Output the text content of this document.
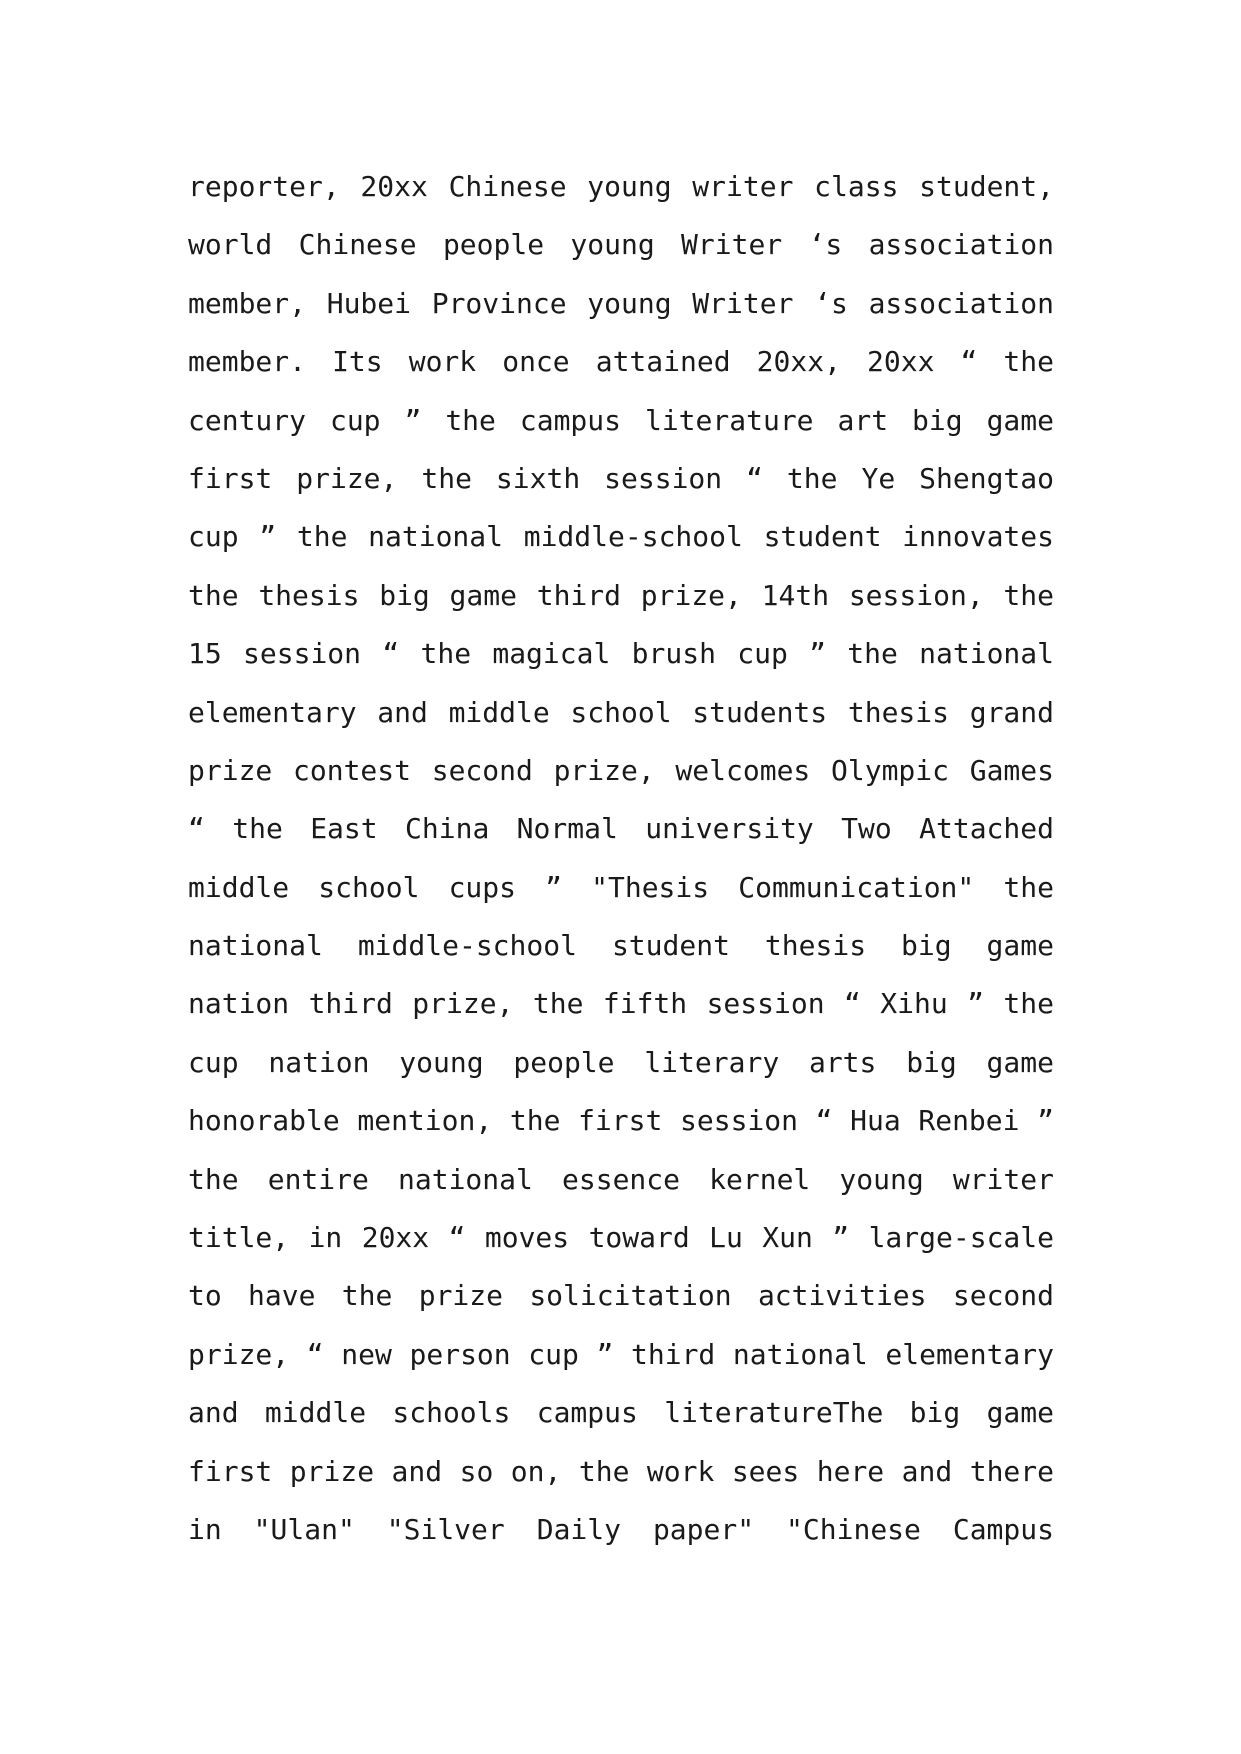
reporter, 20xx Chinese young writer class student,
world Chinese people young Writer ‘s association
member, Hubei Province young Writer ‘s association
member. Its work once attained 20xx, 20xx “ the
century cup ” the campus literature art big game
first prize, the sixth session “ the Ye Shengtao
cup ” the national middle-school student innovates
the thesis big game third prize, 14th session, the
15 session “ the magical brush cup ” the national
elementary and middle school students thesis grand
prize contest second prize, welcomes Olympic Games
“ the East China Normal university Two Attached
middle school cups ” "Thesis Communication" the
national middle-school student thesis big game
nation third prize, the fifth session “ Xihu ” the
cup nation young people literary arts big game
honorable mention, the first session “ Hua Renbei ”
the entire national essence kernel young writer
title, in 20xx “ moves toward Lu Xun ” large-scale
to have the prize solicitation activities second
prize, “ new person cup ” third national elementary
and middle schools campus literatureThe big game
first prize and so on, the work sees here and there
in "Ulan" "Silver Daily paper" "Chinese Campus
